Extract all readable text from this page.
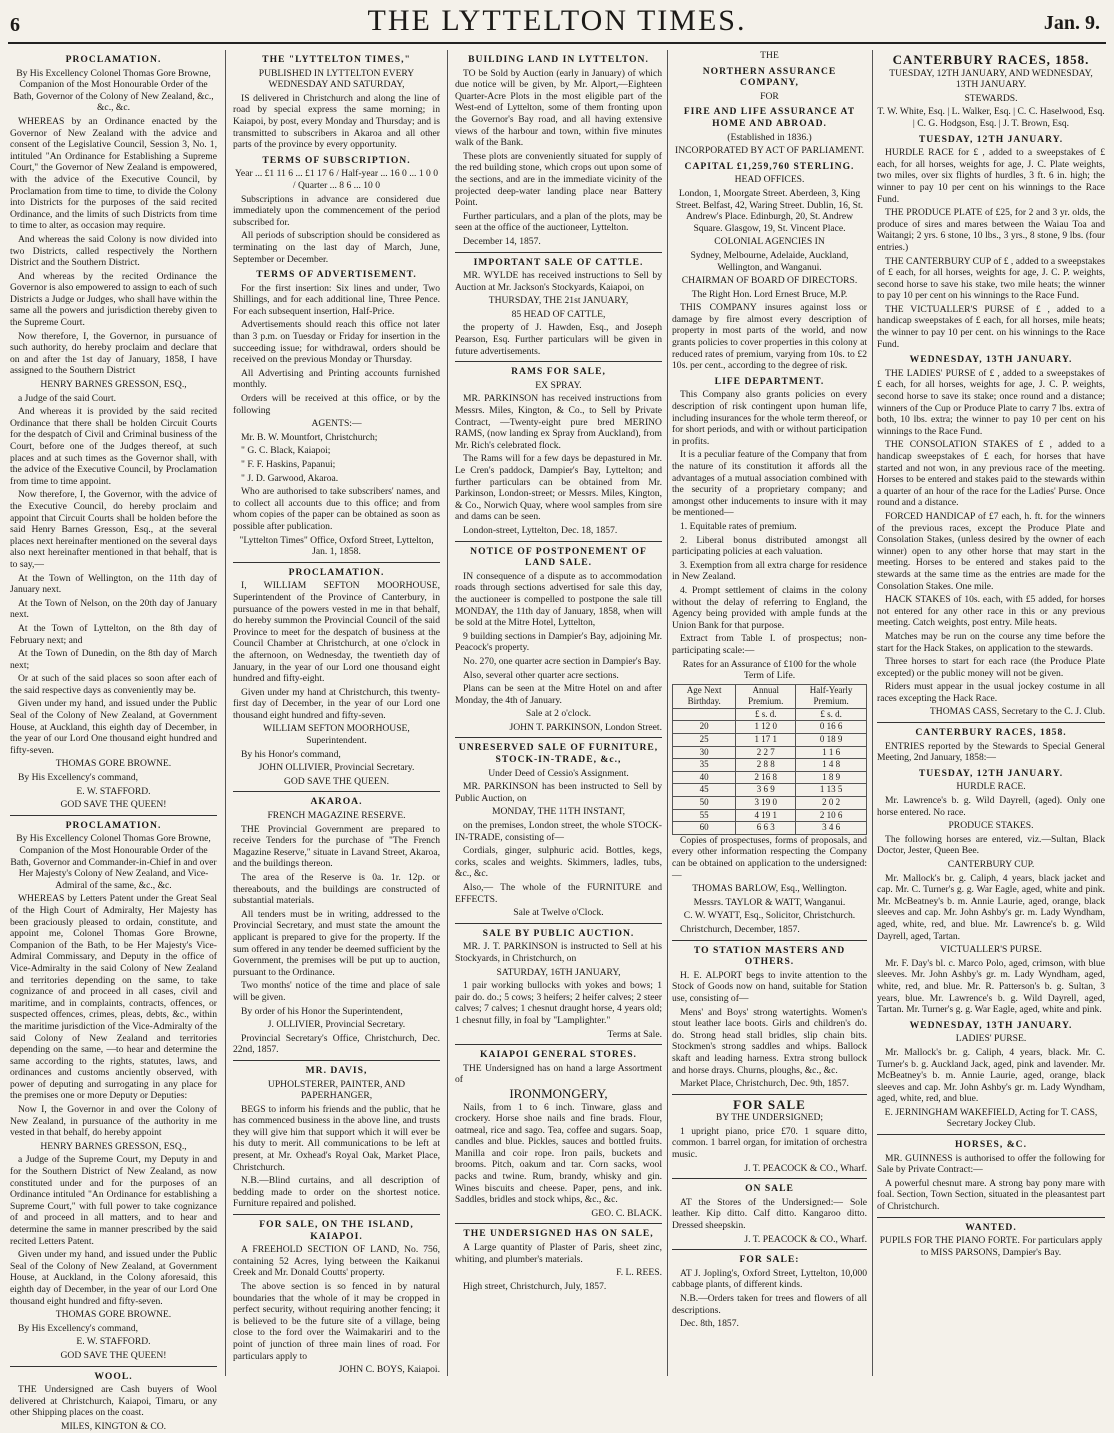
6	THE LYTTELTON TIMES.	Jan. 9.

PROCLAMATION.

By His Excellency Colonel Thomas Gore Browne, Companion of the Most Honourable Order of the Bath, Governor of the Colony of New Zealand, &c., &c., &c.

WHEREAS by an Ordinance enacted by the Governor of New Zealand with the advice and consent of the Legislative Council, Session 3, No. 1, intituled "An Ordinance for Establishing a Supreme Court," the Governor of New Zealand is empowered, with the advice of the Executive Council, by Proclamation from time to time, to divide the Colony into Districts for the purposes of the said recited Ordinance, and the limits of such Districts from time to time to alter, as occasion may require.

And whereas the said Colony is now divided into two Districts, called respectively the Northern District and the Southern District.

And whereas by the recited Ordinance the Governor is also empowered to assign to each of such Districts a Judge or Judges, who shall have within the same all the powers and jurisdiction thereby given to the Supreme Court.

Now therefore, I, the Governor, in pursuance of such authority, do hereby proclaim and declare that on and after the 1st day of January, 1858, I have assigned to the Southern District

HENRY BARNES GRESSON, ESQ.,

a Judge of the said Court.

And whereas it is provided by the said recited Ordinance that there shall be holden Circuit Courts for the despatch of Civil and Criminal business of the Court, before one of the Judges thereof, at such places and at such times as the Governor shall, with the advice of the Executive Council, by Proclamation from time to time appoint.

Now therefore, I, the Governor, with the advice of the Executive Council, do hereby proclaim and appoint that Circuit Courts shall be holden before the said Henry Barnes Gresson, Esq., at the several places next hereinafter mentioned on the several days also next hereinafter mentioned in that behalf, that is to say,—

At the Town of Wellington, on the 11th day of January next.

At the Town of Nelson, on the 20th day of January next.

At the Town of Lyttelton, on the 8th day of February next; and

At the Town of Dunedin, on the 8th day of March next;

Or at such of the said places so soon after each of the said respective days as conveniently may be.

Given under my hand, and issued under the Public Seal of the Colony of New Zealand, at Government House, at Auckland, this eighth day of December, in the year of our Lord One thousand eight hundred and fifty-seven.

THOMAS GORE BROWNE.

By His Excellency's command,

E. W. STAFFORD.

GOD SAVE THE QUEEN!

PROCLAMATION.

By His Excellency Colonel Thomas Gore Browne, Companion of the Most Honourable Order of the Bath, Governor and Commander-in-Chief in and over Her Majesty's Colony of New Zealand, and Vice-Admiral of the same, &c., &c.

WHEREAS by Letters Patent under the Great Seal of the High Court of Admiralty, Her Majesty has been graciously pleased to ordain, constitute, and appoint me, Colonel Thomas Gore Browne, Companion of the Bath, to be Her Majesty's Vice-Admiral Commissary, and Deputy in the office of Vice-Admiralty in the said Colony of New Zealand and territories depending on the same, to take cognizance of and proceed in all cases, civil and maritime, and in complaints, contracts, offences, or suspected offences, crimes, pleas, debts, &c., within the maritime jurisdiction of the Vice-Admiralty of the said Colony of New Zealand and territories depending on the same, —to hear and determine the same according to the rights, statutes, laws, and ordinances and customs anciently observed, with power of deputing and surrogating in any place for the premises one or more Deputy or Deputies:

Now I, the Governor in and over the Colony of New Zealand, in pursuance of the authority in me vested in that behalf, do hereby appoint

HENRY BARNES GRESSON, ESQ.,

a Judge of the Supreme Court, my Deputy in and for the Southern District of New Zealand, as now constituted under and for the purposes of an Ordinance intituled "An Ordinance for establishing a Supreme Court," with full power to take cognizance of and proceed in all matters, and to hear and determine the same in manner prescribed by the said recited Letters Patent.

Given under my hand, and issued under the Public Seal of the Colony of New Zealand, at Government House, at Auckland, in the Colony aforesaid, this eighth day of December, in the year of our Lord One thousand eight hundred and fifty-seven.

THOMAS GORE BROWNE.

By His Excellency's command,

E. W. STAFFORD.

GOD SAVE THE QUEEN!

WOOL.

THE Undersigned are Cash buyers of Wool delivered at Christchurch, Kaiapoi, Timaru, or any other Shipping places on the coast.

MILES, KINGTON & CO.

THE "LYTTELTON TIMES,"

PUBLISHED IN LYTTELTON EVERY WEDNESDAY AND SATURDAY,

IS delivered in Christchurch and along the line of road by special express the same morning; in Kaiapoi, by post, every Monday and Thursday; and is transmitted to subscribers in Akaroa and all other parts of the province by every opportunity.

TERMS OF SUBSCRIPTION.

Year ... £1 11 6 ... £1 17 6 / Half-year ... 16 0 ... 1 0 0 / Quarter ... 8 6 ... 10 0

Subscriptions in advance are considered due immediately upon the commencement of the period subscribed for.

All periods of subscription should be considered as terminating on the last day of March, June, September or December.

TERMS OF ADVERTISEMENT.

For the first insertion: Six lines and under, Two Shillings, and for each additional line, Three Pence. For each subsequent insertion, Half-Price.

Advertisements should reach this office not later than 3 p.m. on Tuesday or Friday for insertion in the succeeding issue; for withdrawal, orders should be received on the previous Monday or Thursday.

All Advertising and Printing accounts furnished monthly.

Orders will be received at this office, or by the following

AGENTS:—

Mr. B. W. Mountfort, Christchurch;

" G. C. Black, Kaiapoi;

" F. F. Haskins, Papanui;

" J. D. Garwood, Akaroa.

Who are authorised to take subscribers' names, and to collect all accounts due to this office; and from whom copies of the paper can be obtained as soon as possible after publication.

"Lyttelton Times" Office, Oxford Street, Lyttelton, Jan. 1, 1858.

PROCLAMATION.

I, WILLIAM SEFTON MOORHOUSE, Superintendent of the Province of Canterbury, in pursuance of the powers vested in me in that behalf, do hereby summon the Provincial Council of the said Province to meet for the despatch of business at the Council Chamber at Christchurch, at one o'clock in the afternoon, on Wednesday, the twentieth day of January, in the year of our Lord one thousand eight hundred and fifty-eight.

Given under my hand at Christchurch, this twenty-first day of December, in the year of our Lord one thousand eight hundred and fifty-seven.

WILLIAM SEFTON MOORHOUSE, Superintendent.

By his Honor's command,

JOHN OLLIVIER, Provincial Secretary.

GOD SAVE THE QUEEN.

AKAROA.

FRENCH MAGAZINE RESERVE.

THE Provincial Government are prepared to receive Tenders for the purchase of "The French Magazine Reserve," situate in Lavand Street, Akaroa, and the buildings thereon.

The area of the Reserve is 0a. 1r. 12p. or thereabouts, and the buildings are constructed of substantial materials.

All tenders must be in writing, addressed to the Provincial Secretary, and must state the amount the applicant is prepared to give for the property. If the sum offered in any tender be deemed sufficient by the Government, the premises will be put up to auction, pursuant to the Ordinance.

Two months' notice of the time and place of sale will be given.

By order of his Honor the Superintendent,

J. OLLIVIER, Provincial Secretary.

Provincial Secretary's Office, Christchurch, Dec. 22nd, 1857.

MR. DAVIS,

UPHOLSTERER, PAINTER, AND PAPERHANGER,

BEGS to inform his friends and the public, that he has commenced business in the above line, and trusts they will give him that support which it will ever be his duty to merit. All communications to be left at present, at Mr. Oxhead's Royal Oak, Market Place, Christchurch.

N.B.—Blind curtains, and all description of bedding made to order on the shortest notice. Furniture repaired and polished.

FOR SALE, ON THE ISLAND, KAIAPOI.

A FREEHOLD SECTION OF LAND, No. 756, containing 52 Acres, lying between the Kaikanui Creek and Mr. Donald Coutts' property.

The above section is so fenced in by natural boundaries that the whole of it may be cropped in perfect security, without requiring another fencing; it is believed to be the future site of a village, being close to the ford over the Waimakariri and to the point of junction of three main lines of road. For particulars apply to

JOHN C. BOYS, Kaiapoi.

BUILDING LAND IN LYTTELTON.

TO be Sold by Auction (early in January) of which due notice will be given, by Mr. Alport,—Eighteen Quarter-Acre Plots in the most eligible part of the West-end of Lyttelton, some of them fronting upon the Governor's Bay road, and all having extensive views of the harbour and town, within five minutes walk of the Bank.

These plots are conveniently situated for supply of the red building stone, which crops out upon some of the sections, and are in the immediate vicinity of the projected deep-water landing place near Battery Point.

Further particulars, and a plan of the plots, may be seen at the office of the auctioneer, Lyttelton.

December 14, 1857.

IMPORTANT SALE OF CATTLE.

MR. WYLDE has received instructions to Sell by Auction at Mr. Jackson's Stockyards, Kaiapoi, on

THURSDAY, THE 21st JANUARY,

85 HEAD OF CATTLE,

the property of J. Hawden, Esq., and Joseph Pearson, Esq. Further particulars will be given in future advertisements.

RAMS FOR SALE,

EX SPRAY.

MR. PARKINSON has received instructions from Messrs. Miles, Kington, & Co., to Sell by Private Contract, —Twenty-eight pure bred MERINO RAMS, (now landing ex Spray from Auckland), from Mr. Rich's celebrated flock.

The Rams will for a few days be depastured in Mr. Le Cren's paddock, Dampier's Bay, Lyttelton; and further particulars can be obtained from Mr. Parkinson, London-street; or Messrs. Miles, Kington, & Co., Norwich Quay, where wool samples from sire and dams can be seen.

London-street, Lyttelton, Dec. 18, 1857.

NOTICE OF POSTPONEMENT OF LAND SALE.

IN consequence of a dispute as to accommodation roads through sections advertised for sale this day, the auctioneer is compelled to postpone the sale till MONDAY, the 11th day of January, 1858, when will be sold at the Mitre Hotel, Lyttelton,

9 building sections in Dampier's Bay, adjoining Mr. Peacock's property.

No. 270, one quarter acre section in Dampier's Bay.

Also, several other quarter acre sections.

Plans can be seen at the Mitre Hotel on and after Monday, the 4th of January.

Sale at 2 o'clock.

JOHN T. PARKINSON, London Street.

UNRESERVED SALE OF FURNITURE, STOCK-IN-TRADE, &c.,

Under Deed of Cessio's Assignment.

MR. PARKINSON has been instructed to Sell by Public Auction, on

MONDAY, THE 11TH INSTANT,

on the premises, London street, the whole STOCK-IN-TRADE, consisting of—

Cordials, ginger, sulphuric acid. Bottles, kegs, corks, scales and weights. Skimmers, ladles, tubs, &c., &c.

Also,— The whole of the FURNITURE and EFFECTS.

Sale at Twelve o'Clock.

SALE BY PUBLIC AUCTION.

MR. J. T. PARKINSON is instructed to Sell at his Stockyards, in Christchurch, on

SATURDAY, 16TH JANUARY,

1 pair working bullocks with yokes and bows; 1 pair do. do.; 5 cows; 3 heifers; 2 heifer calves; 2 steer calves; 7 calves; 1 chesnut draught horse, 4 years old; 1 chesnut filly, in foal by "Lamplighter."

Terms at Sale.

KAIAPOI GENERAL STORES.

THE Undersigned has on hand a large Assortment of

IRONMONGERY,

Nails, from 1 to 6 inch. Tinware, glass and crockery. Horse shoe nails and fine brads. Flour, oatmeal, rice and sago. Tea, coffee and sugars. Soap, candles and blue. Pickles, sauces and bottled fruits. Manilla and coir rope. Iron pails, buckets and brooms. Pitch, oakum and tar. Corn sacks, wool packs and twine. Rum, brandy, whisky and gin. Wines biscuits and cheese. Paper, pens, and ink. Saddles, bridles and stock whips, &c., &c.

GEO. C. BLACK.

THE UNDERSIGNED HAS ON SALE,

A Large quantity of Plaster of Paris, sheet zinc, whiting, and plumber's materials.

F. L. REES.

High street, Christchurch, July, 1857.

THE

NORTHERN ASSURANCE COMPANY,

FOR

FIRE AND LIFE ASSURANCE AT HOME AND ABROAD.

(Established in 1836.)

INCORPORATED BY ACT OF PARLIAMENT.

CAPITAL £1,259,760 STERLING.

HEAD OFFICES.

London, 1, Moorgate Street. Aberdeen, 3, King Street. Belfast, 42, Waring Street. Dublin, 16, St. Andrew's Place. Edinburgh, 20, St. Andrew Square. Glasgow, 19, St. Vincent Place.

COLONIAL AGENCIES IN

Sydney, Melbourne, Adelaide, Auckland, Wellington, and Wanganui.

CHAIRMAN OF BOARD OF DIRECTORS.

The Right Hon. Lord Ernest Bruce, M.P.

THIS COMPANY insures against loss or damage by fire almost every description of property in most parts of the world, and now grants policies to cover properties in this colony at reduced rates of premium, varying from 10s. to £2 10s. per cent., according to the degree of risk.

LIFE DEPARTMENT.

This Company also grants policies on every description of risk contingent upon human life, including insurances for the whole term thereof, or for short periods, and with or without participation in profits.

It is a peculiar feature of the Company that from the nature of its constitution it affords all the advantages of a mutual association combined with the security of a proprietary company; and amongst other inducements to insure with it may be mentioned—

1. Equitable rates of premium.

2. Liberal bonus distributed amongst all participating policies at each valuation.

3. Exemption from all extra charge for residence in New Zealand.

4. Prompt settlement of claims in the colony without the delay of referring to England, the Agency being provided with ample funds at the Union Bank for that purpose.

Extract from Table I. of prospectus; non-participating scale:—

Rates for an Assurance of £100 for the whole Term of Life.

Age Next Birthday.	Annual Premium.	Half-Yearly Premium.
	£ s. d.	£ s. d.
20	1 12 0	0 16 6
25	1 17 1	0 18 9
30	2 2 7	1 1 6
35	2 8 8	1 4 8
40	2 16 8	1 8 9
45	3 6 9	1 13 5
50	3 19 0	2 0 2
55	4 19 1	2 10 6
60	6 6 3	3 4 6

Copies of prospectuses, forms of proposals, and every other information respecting the Company can be obtained on application to the undersigned:—

THOMAS BARLOW, Esq., Wellington.

Messrs. TAYLOR & WATT, Wanganui.

C. W. WYATT, Esq., Solicitor, Christchurch.

Christchurch, December, 1857.

TO STATION MASTERS AND OTHERS.

H. E. ALPORT begs to invite attention to the Stock of Goods now on hand, suitable for Station use, consisting of—

Mens' and Boys' strong watertights. Women's stout leather lace boots. Girls and children's do. do. Strong head stall bridles, slip chain bits. Stockmen's strong saddles and whips. Ballock skaft and leading harness. Extra strong bullock and horse drays. Churns, ploughs, &c., &c.

Market Place, Christchurch, Dec. 9th, 1857.

FOR SALE

BY THE UNDERSIGNED;

1 upright piano, price £70. 1 square ditto, common. 1 barrel organ, for imitation of orchestra music.

J. T. PEACOCK & CO., Wharf.

ON SALE

AT the Stores of the Undersigned:— Sole leather. Kip ditto. Calf ditto. Kangaroo ditto. Dressed sheepskin.

J. T. PEACOCK & CO., Wharf.

FOR SALE:

AT J. Jopling's, Oxford Street, Lyttelton, 10,000 cabbage plants, of different kinds.

N.B.—Orders taken for trees and flowers of all descriptions.

Dec. 8th, 1857.

CANTERBURY RACES, 1858.

TUESDAY, 12TH JANUARY, AND WEDNESDAY, 13TH JANUARY.

STEWARDS.

T. W. White, Esq. | L. Walker, Esq. | C. C. Haselwood, Esq. | C. G. Hodgson, Esq. | J. T. Brown, Esq.

TUESDAY, 12TH JANUARY.

HURDLE RACE for £ , added to a sweepstakes of £ each, for all horses, weights for age, J. C. Plate weights, two miles, over six flights of hurdles, 3 ft. 6 in. high; the winner to pay 10 per cent on his winnings to the Race Fund.

THE PRODUCE PLATE of £25, for 2 and 3 yr. olds, the produce of sires and mares between the Waiau Toa and Waitangi; 2 yrs. 6 stone, 10 lbs., 3 yrs., 8 stone, 9 lbs. (four entries.)

THE CANTERBURY CUP of £ , added to a sweepstakes of £ each, for all horses, weights for age, J. C. P. weights, second horse to save his stake, two mile heats; the winner to pay 10 per cent on his winnings to the Race Fund.

THE VICTUALLER'S PURSE of £ , added to a handicap sweepstakes of £ each, for all horses, mile heats; the winner to pay 10 per cent. on his winnings to the Race Fund.

WEDNESDAY, 13TH JANUARY.

THE LADIES' PURSE of £ , added to a sweepstakes of £ each, for all horses, weights for age, J. C. P. weights, second horse to save its stake; once round and a distance; winners of the Cup or Produce Plate to carry 7 lbs. extra of both, 10 lbs. extra; the winner to pay 10 per cent on his winnings to the Race Fund.

THE CONSOLATION STAKES of £ , added to a handicap sweepstakes of £ each, for horses that have started and not won, in any previous race of the meeting. Horses to be entered and stakes paid to the stewards within a quarter of an hour of the race for the Ladies' Purse. Once round and a distance.

FORCED HANDICAP of £7 each, h. ft. for the winners of the previous races, except the Produce Plate and Consolation Stakes, (unless desired by the owner of each winner) open to any other horse that may start in the meeting. Horses to be entered and stakes paid to the stewards at the same time as the entries are made for the Consolation Stakes. One mile.

HACK STAKES of 10s. each, with £5 added, for horses not entered for any other race in this or any previous meeting. Catch weights, post entry. Mile heats.

Matches may be run on the course any time before the start for the Hack Stakes, on application to the stewards.

Three horses to start for each race (the Produce Plate excepted) or the public money will not be given.

Riders must appear in the usual jockey costume in all races excepting the Hack Race.

THOMAS CASS, Secretary to the C. J. Club.

CANTERBURY RACES, 1858.

ENTRIES reported by the Stewards to Special General Meeting, 2nd January, 1858:—

TUESDAY, 12TH JANUARY.

HURDLE RACE.

Mr. Lawrence's b. g. Wild Dayrell, (aged). Only one horse entered. No race.

PRODUCE STAKES.

The following horses are entered, viz.—Sultan, Black Doctor, Jester, Queen Bee.

CANTERBURY CUP.

Mr. Mallock's br. g. Caliph, 4 years, black jacket and cap. Mr. C. Turner's g. g. War Eagle, aged, white and pink. Mr. McBeatney's b. m. Annie Laurie, aged, orange, black sleeves and cap. Mr. John Ashby's gr. m. Lady Wyndham, aged, white, red, and blue. Mr. Lawrence's b. g. Wild Dayrell, aged, Tartan.

VICTUALLER'S PURSE.

Mr. F. Day's bl. c. Marco Polo, aged, crimson, with blue sleeves. Mr. John Ashby's gr. m. Lady Wyndham, aged, white, red, and blue. Mr. R. Patterson's b. g. Sultan, 3 years, blue. Mr. Lawrence's b. g. Wild Dayrell, aged, Tartan. Mr. Turner's g. g. War Eagle, aged, white and pink.

WEDNESDAY, 13TH JANUARY.

LADIES' PURSE.

Mr. Mallock's br. g. Caliph, 4 years, black. Mr. C. Turner's b. g. Auckland Jack, aged, pink and lavender. Mr. McBeatney's b. m. Annie Laurie, aged, orange, black sleeves and cap. Mr. John Ashby's gr. m. Lady Wyndham, aged, white, red, and blue.

E. JERNINGHAM WAKEFIELD, Acting for T. CASS, Secretary Jockey Club.

HORSES, &C.

MR. GUINNESS is authorised to offer the following for Sale by Private Contract:—

A powerful chesnut mare. A strong bay pony mare with foal. Section, Town Section, situated in the pleasantest part of Christchurch.

WANTED.

PUPILS FOR THE PIANO FORTE. For particulars apply to MISS PARSONS, Dampier's Bay.
